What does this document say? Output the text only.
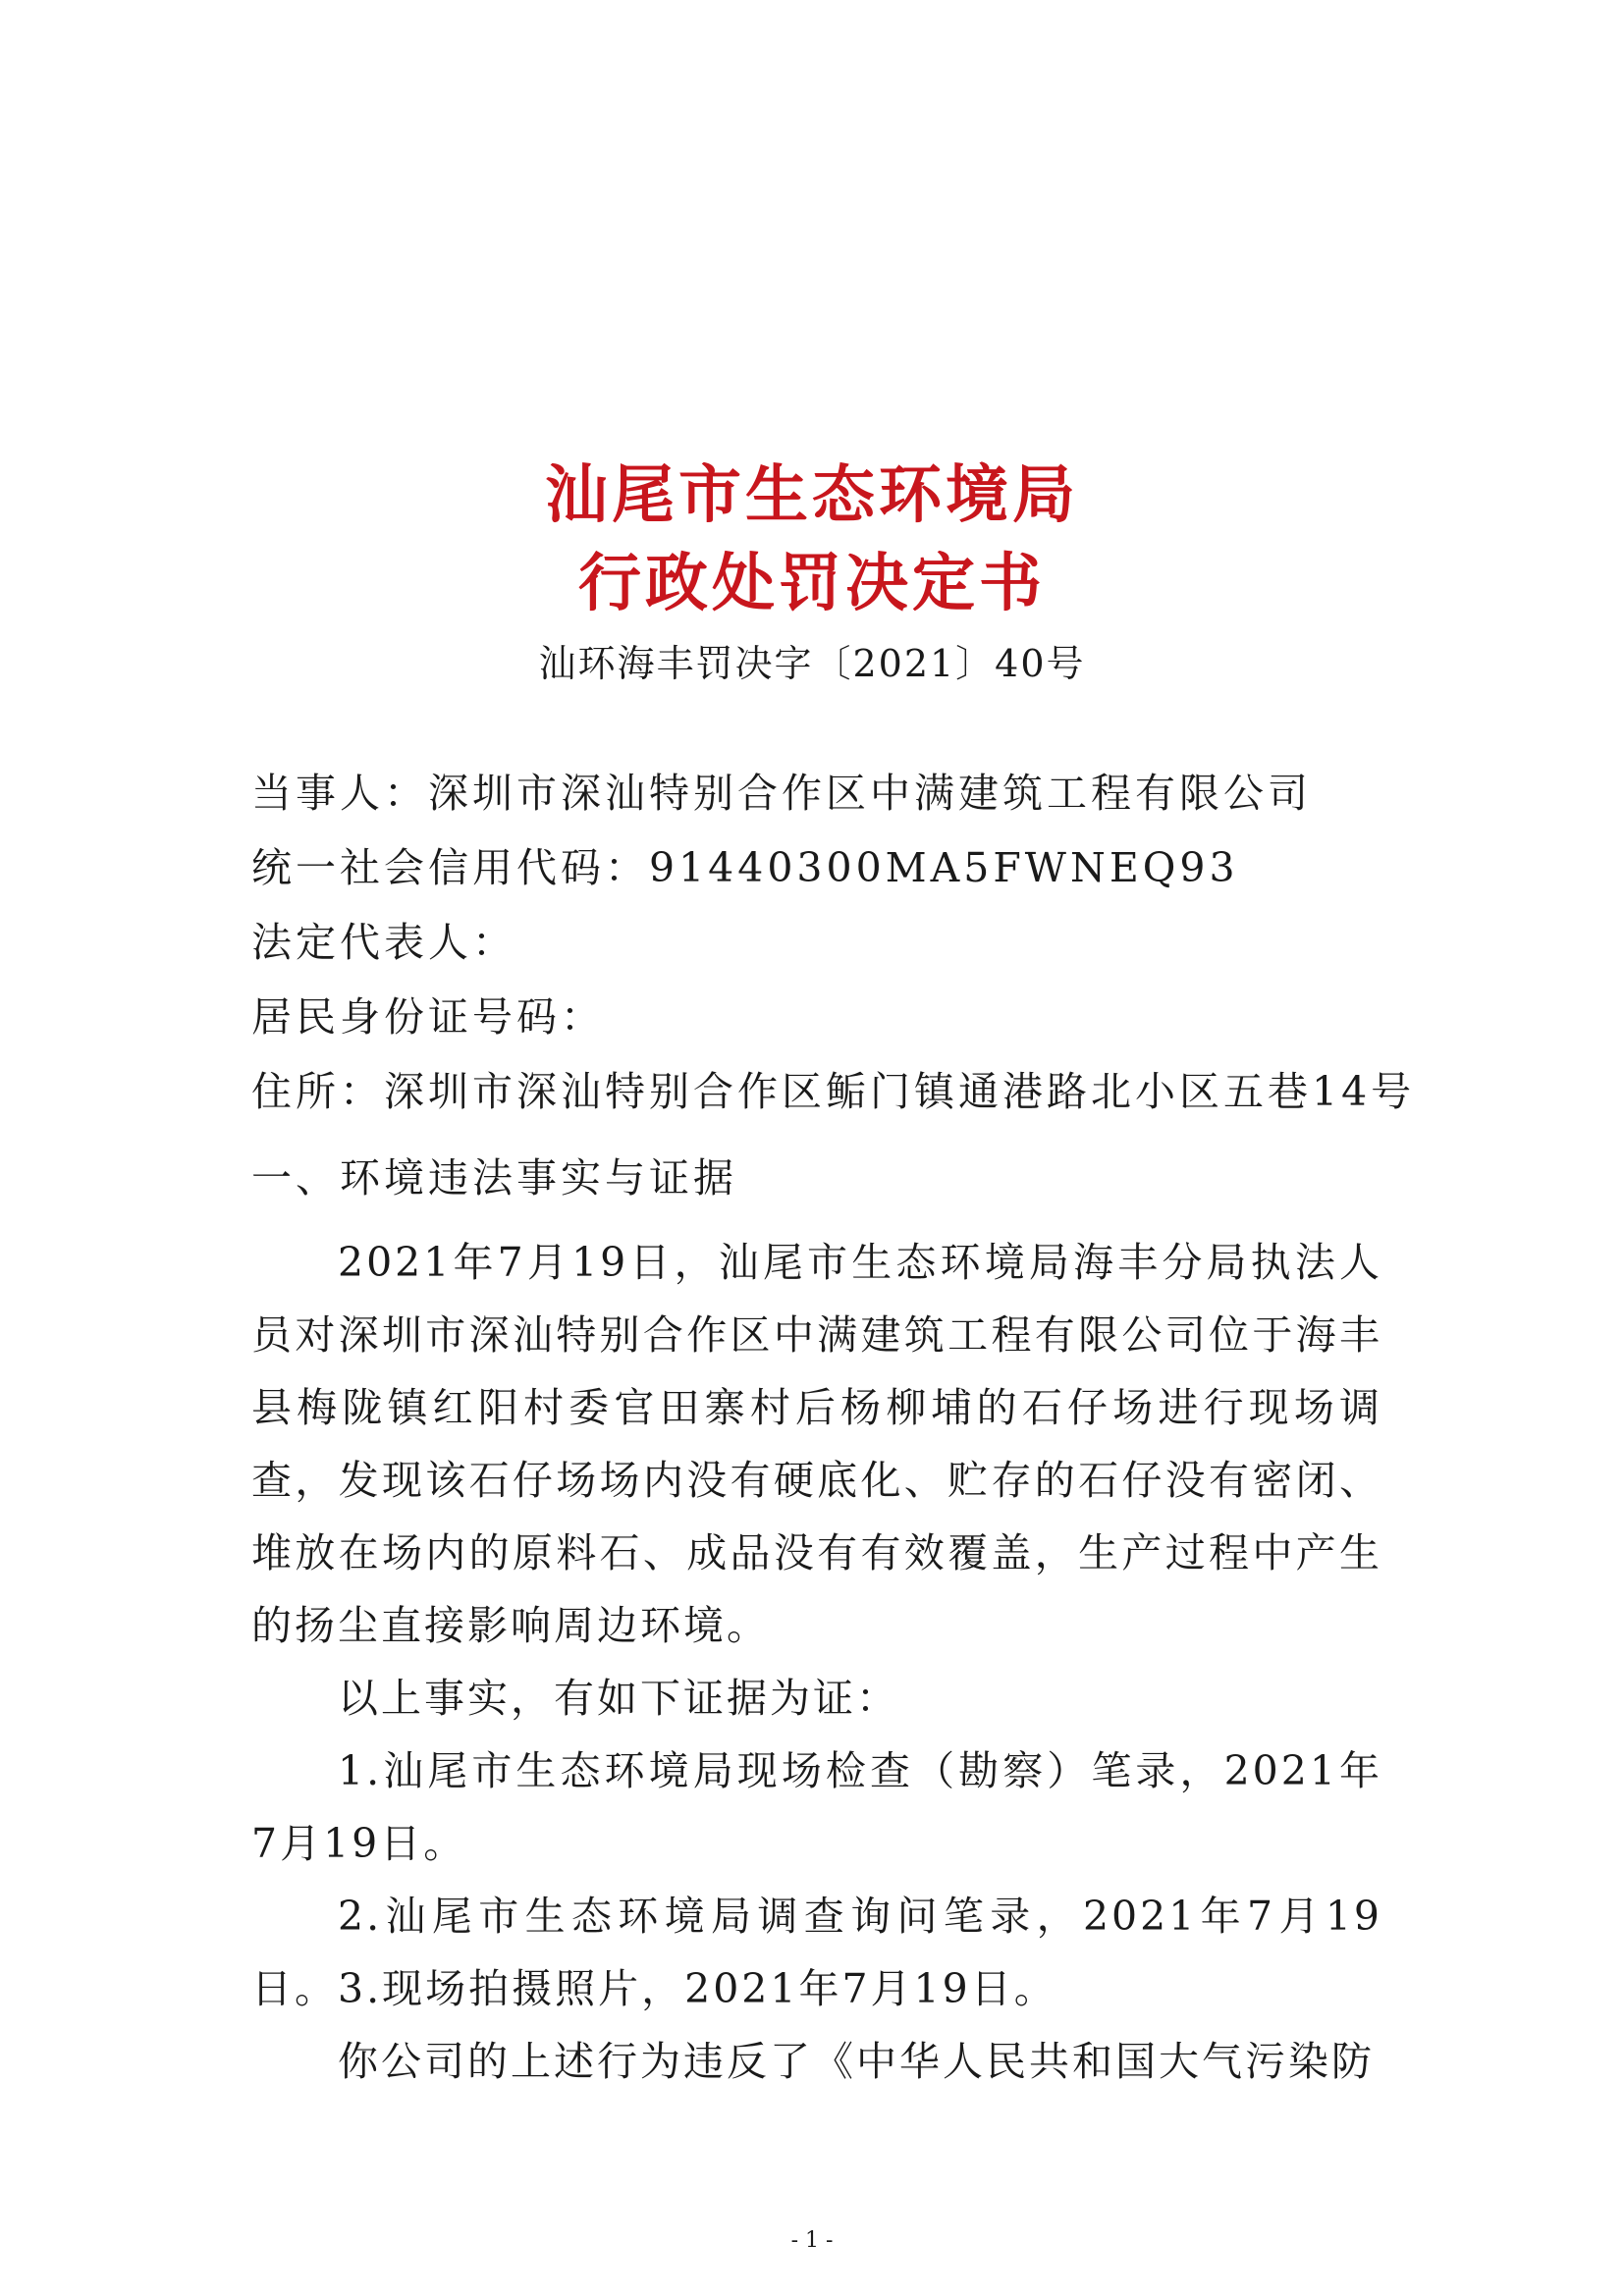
汕尾市生态环境局
行政处罚决定书
汕环海丰罚决字〔2021〕40号
当事人：深圳市深汕特别合作区中满建筑工程有限公司
统一社会信用代码：91440300MA5FWNEQ93
法定代表人：
居民身份证号码：
住所：深圳市深汕特别合作区鲘门镇通港路北小区五巷14号
一、环境违法事实与证据

2021年7月19日，汕尾市生态环境局海丰分局执法人员对深圳市深汕特别合作区中满建筑工程有限公司位于海丰县梅陇镇红阳村委官田寨村后杨柳埔的石仔场进行现场调查，发现该石仔场场内没有硬底化、贮存的石仔没有密闭、堆放在场内的原料石、成品没有有效覆盖，生产过程中产生的扬尘直接影响周边环境。

以上事实，有如下证据为证：

1.汕尾市生态环境局现场检查（勘察）笔录，2021年7月19日。

2.汕尾市生态环境局调查询问笔录，2021年7月19日。 3.现场拍摄照片，2021年7月19日。

你公司的上述行为违反了《中华人民共和国大气污染防

- 1 -
